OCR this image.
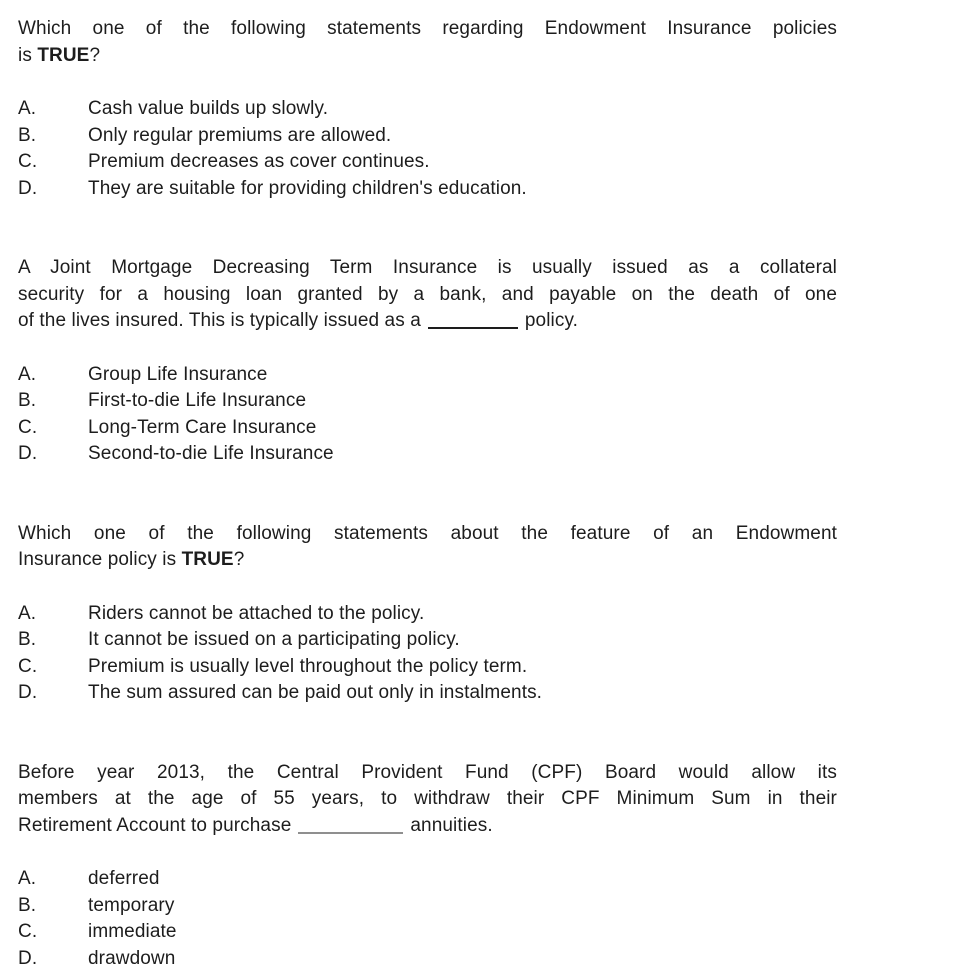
Which one of the following statements regarding Endowment Insurance policies
is TRUE?
A.	Cash value builds up slowly.
B.	Only regular premiums are allowed.
C.	Premium decreases as cover continues.
D.	They are suitable for providing children's education.
A Joint Mortgage Decreasing Term Insurance is usually issued as a collateral
security for a housing loan granted by a bank, and payable on the death of one
of the lives insured. This is typically issued as a	policy.
A.	Group Life Insurance
B.	First-to-die Life Insurance
C.	Long-Term Care Insurance
D.	Second-to-die Life Insurance
Which one of the following statements about the feature of an Endowment
Insurance policy is TRUE?
A.	Riders cannot be attached to the policy.
B.	It cannot be issued on a participating policy.
C.	Premium is usually level throughout the policy term.
D.	The sum assured can be paid out only in instalments.
Before year 2013, the Central Provident Fund (CPF) Board would allow its
members at the age of 55 years, to withdraw their CPF Minimum Sum in their
Retirement Account to purchase	annuities.
A.	deferred
B.	temporary
C.	immediate
D.	drawdown
